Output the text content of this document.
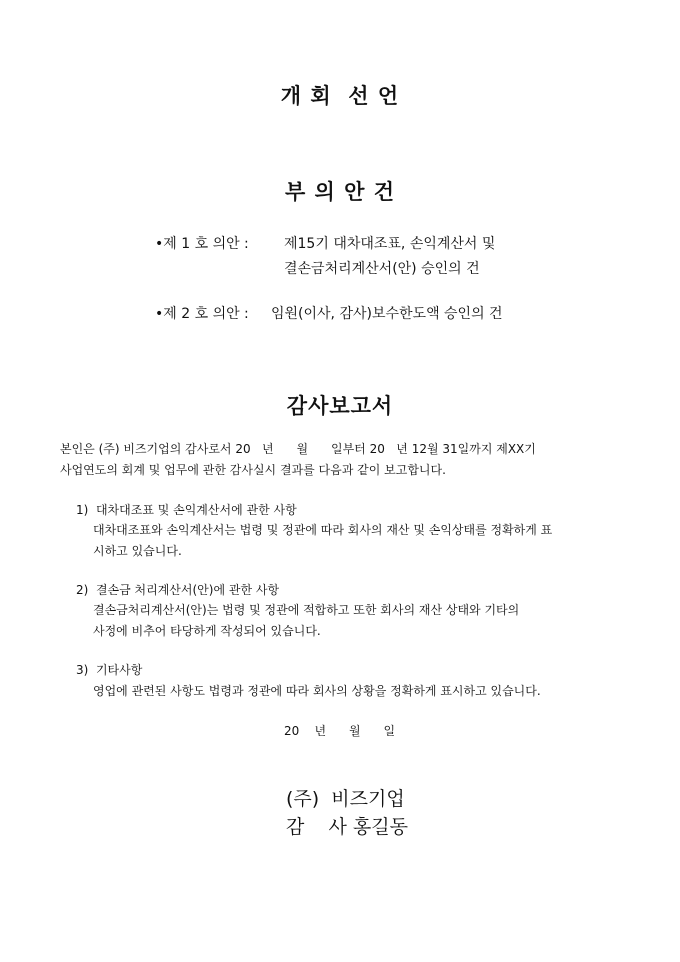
개 회  선 언
부 의 안 건
•제 1 호 의안 :	제15기 대차대조표, 손익계산서 및
결손금처리계산서(안) 승인의 건
•제 2 호 의안 : 임원(이사, 감사)보수한도액 승인의 건
감사보고서
본인은 (주) 비즈기업의 감사로서 20   년      월      일부터 20   년 12월 31일까지 제XX기
사업연도의 회계 및 업무에 관한 감사실시 결과를 다음과 같이 보고합니다.
1)  대차대조표 및 손익계산서에 관한 사항
대차대조표와 손익계산서는 법령 및 정관에 따라 회사의 재산 및 손익상태를 정확하게 표
시하고 있습니다.
2)  결손금 처리계산서(안)에 관한 사항
결손금처리계산서(안)는 법령 및 정관에 적합하고 또한 회사의 재산 상태와 기타의
사정에 비추어 타당하게 작성되어 있습니다.
3)  기타사항
영업에 관련된 사항도 법령과 정관에 따라 회사의 상황을 정확하게 표시하고 있습니다.
20    년      월      일
(주)  비즈기업
감    사 홍길동
